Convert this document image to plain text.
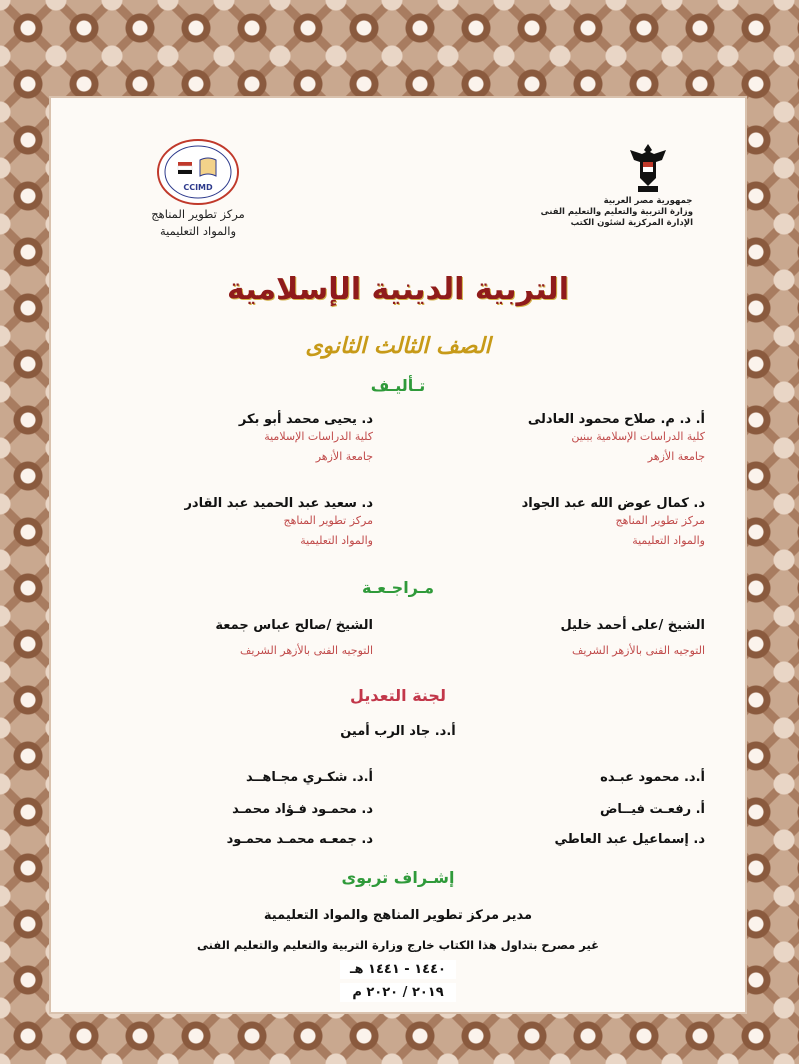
جمهورية مصر العربية
وزارة التربية والتعليم والتعليم الفنى
الإدارة المركزية لشئون الكتب
CCIMD
مركز تطوير المناهج
والمواد التعليمية
التربية الدينية الإسلامية
الصف الثالث الثانوى
تـأليـف
أ. د. م. صلاح محمود العادلى
كلية الدراسات الإسلامية ببنين
جامعة الأزهر
د. يحيى محمد أبو بكر
كلية الدراسات الإسلامية
جامعة الأزهر
د. كمال عوض الله عبد الجواد
مركز تطوير المناهج
والمواد التعليمية
د. سعيد عبد الحميد عبد القادر
مركز تطوير المناهج
والمواد التعليمية
مـراجـعـة
الشيخ /على أحمد خليل
التوجيه الفنى بالأزهر الشريف
الشيخ /صالح عباس جمعة
التوجيه الفنى بالأزهر الشريف
لجنة التعديل
أ.د. جاد الرب أمين
أ.د. محمود عبـده
أ.د. شكـري مجـاهــد
أ. رفعـت فيــاض
د. محمـود فـؤاد محمـد
د. إسماعيل عبد العاطي
د. جمعـه محمـد محمـود
إشـراف تربوى
مدير مركز تطوير المناهج والمواد التعليمية
غير مصرح بتداول هذا الكتاب خارج وزارة التربية والتعليم والتعليم الفنى
١٤٤٠ - ١٤٤١ هـ
٢٠١٩ / ٢٠٢٠ م
